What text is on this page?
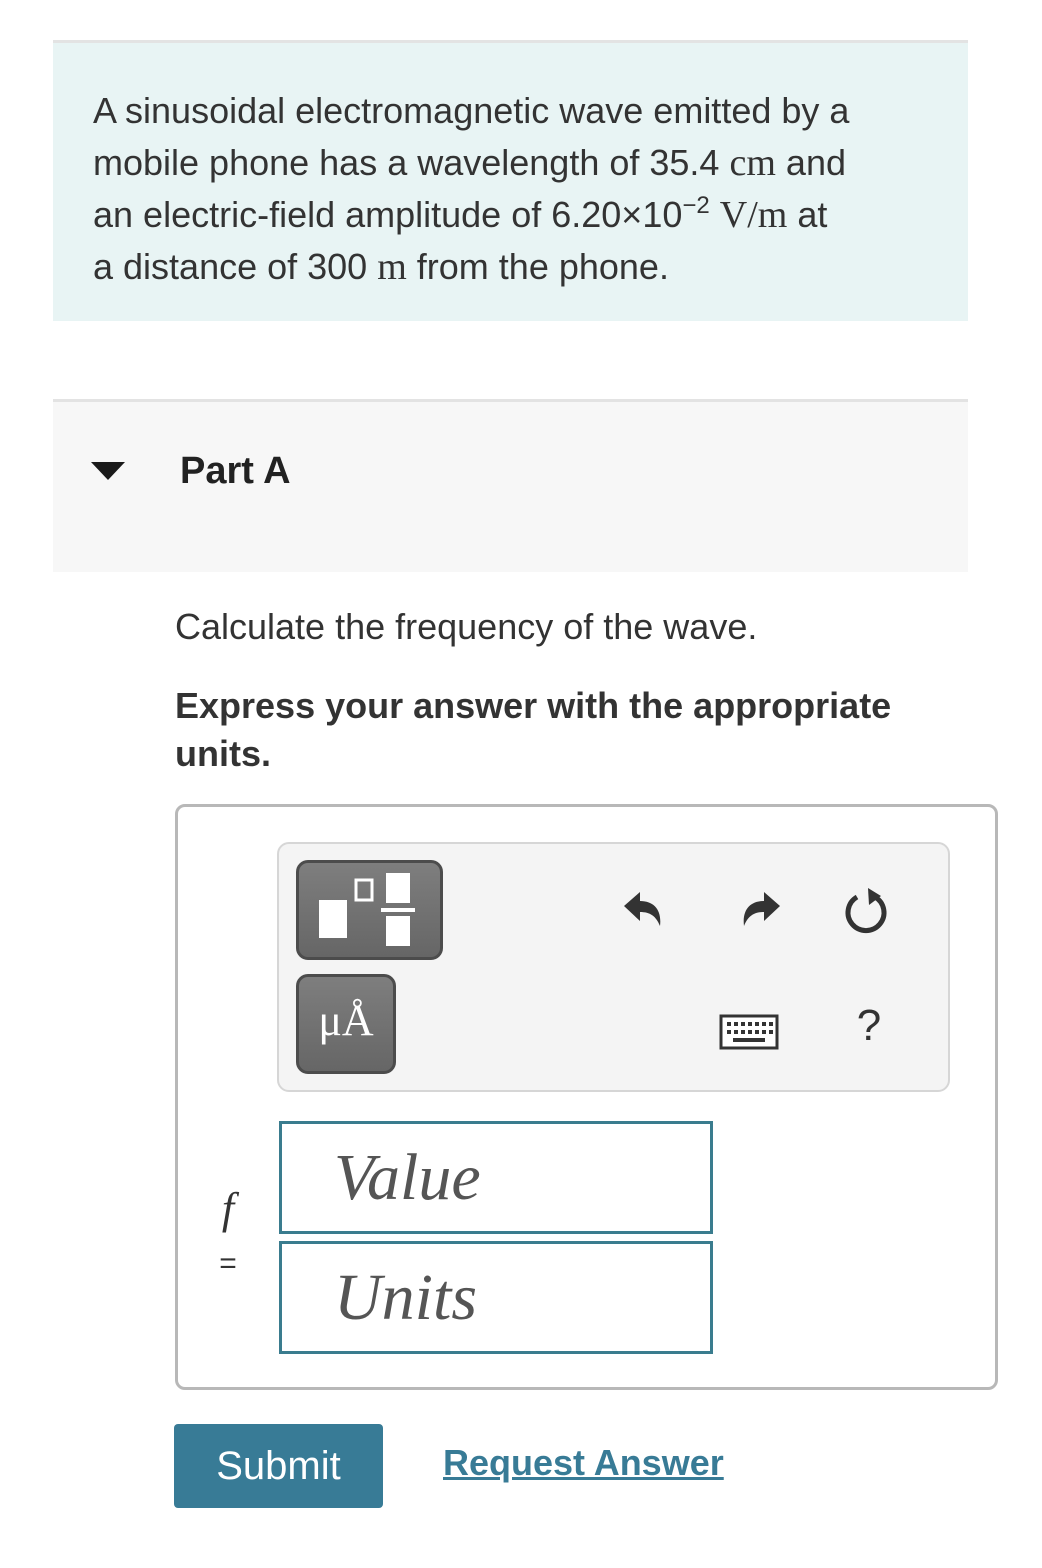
A sinusoidal electromagnetic wave emitted by a
mobile phone has a wavelength of 35.4 cm and
an electric-field amplitude of $6.20\times 10^{-2}$ V/m at
a distance of 300 m from the phone.
Part A
Calculate the frequency of the wave.
Express your answer with the appropriate units.
μÅ	?
f
=
Value
Units
Submit	Request Answer
